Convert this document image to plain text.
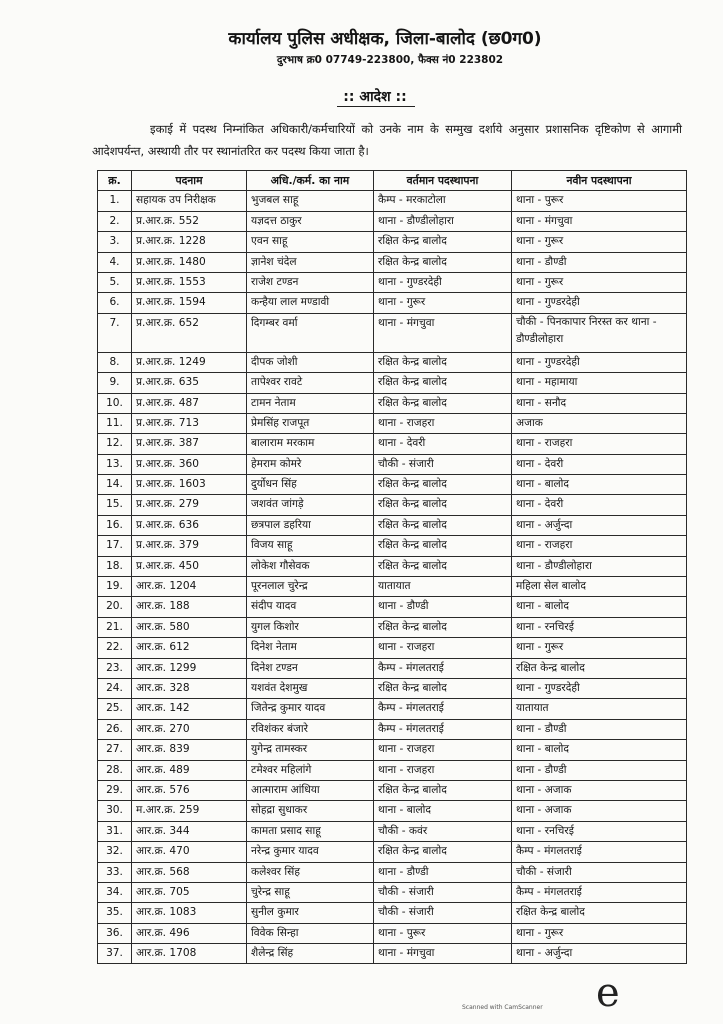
कार्यालय पुलिस अधीक्षक, जिला-बालोद (छ0ग0)
दुरभाष क्र0 07749-223800, फैक्स नं0 223802
:: आदेश ::
इकाई में पदस्थ निम्नांकित अधिकारी/कर्मचारियों को उनके नाम के सम्मुख दर्शाये अनुसार प्रशासनिक दृष्टिकोण से आगामी आदेशपर्यन्त, अस्थायी तौर पर स्थानांतरित कर पदस्थ किया जाता है।
क्र.	पदनाम	अधि./कर्म. का नाम	वर्तमान पदस्थापना	नवीन पदस्थापना
1.	सहायक उप निरीक्षक	भुजबल साहू	कैम्प - मरकाटोला	थाना - पुरूर
2.	प्र.आर.क्र. 552	यज्ञदत्त ठाकुर	थाना - डौण्डीलोहारा	थाना - मंगचुवा
3.	प्र.आर.क्र. 1228	एवन साहू	रक्षित केन्द्र बालोद	थाना - गुरूर
4.	प्र.आर.क्र. 1480	ज्ञानेश चंदेल	रक्षित केन्द्र बालोद	थाना - डौण्डी
5.	प्र.आर.क्र. 1553	राजेश टण्डन	थाना - गुण्डरदेही	थाना - गुरूर
6.	प्र.आर.क्र. 1594	कन्हैया लाल मण्डावी	थाना - गुरूर	थाना - गुण्डरदेही
7.	प्र.आर.क्र. 652	दिगम्बर वर्मा	थाना - मंगचुवा	चौकी - पिनकापार निरस्त कर थाना - डौण्डीलोहारा
8.	प्र.आर.क्र. 1249	दीपक जोशी	रक्षित केन्द्र बालोद	थाना - गुण्डरदेही
9.	प्र.आर.क्र. 635	तापेश्वर रावटे	रक्षित केन्द्र बालोद	थाना - महामाया
10.	प्र.आर.क्र. 487	टामन नेताम	रक्षित केन्द्र बालोद	थाना - सनौद
11.	प्र.आर.क्र. 713	प्रेमसिंह राजपूत	थाना - राजहरा	अजाक
12.	प्र.आर.क्र. 387	बालाराम मरकाम	थाना - देवरी	थाना - राजहरा
13.	प्र.आर.क्र. 360	हेमराम कोमरे	चौकी - संजारी	थाना - देवरी
14.	प्र.आर.क्र. 1603	दुर्योधन सिंह	रक्षित केन्द्र बालोद	थाना - बालोद
15.	प्र.आर.क्र. 279	जशवंत जांगड़े	रक्षित केन्द्र बालोद	थाना - देवरी
16.	प्र.आर.क्र. 636	छत्रपाल डहरिया	रक्षित केन्द्र बालोद	थाना - अर्जुन्दा
17.	प्र.आर.क्र. 379	विजय साहू	रक्षित केन्द्र बालोद	थाना - राजहरा
18.	प्र.आर.क्र. 450	लोकेश गौसेवक	रक्षित केन्द्र बालोद	थाना - डौण्डीलोहारा
19.	आर.क्र. 1204	पूरनलाल चुरेन्द्र	यातायात	महिला सेल बालोद
20.	आर.क्र. 188	संदीप यादव	थाना - डौण्डी	थाना - बालोद
21.	आर.क्र. 580	युगल किशोर	रक्षित केन्द्र बालोद	थाना - रनचिरई
22.	आर.क्र. 612	दिनेश नेताम	थाना - राजहरा	थाना - गुरूर
23.	आर.क्र. 1299	दिनेश टण्डन	कैम्प - मंगलतराई	रक्षित केन्द्र बालोद
24.	आर.क्र. 328	यशवंत देशमुख	रक्षित केन्द्र बालोद	थाना - गुण्डरदेही
25.	आर.क्र. 142	जितेन्द्र कुमार यादव	कैम्प - मंगलतराई	यातायात
26.	आर.क्र. 270	रविशंकर बंजारे	कैम्प - मंगलतराई	थाना - डौण्डी
27.	आर.क्र. 839	युगेन्द्र तामस्कर	थाना - राजहरा	थाना - बालोद
28.	आर.क्र. 489	टमेश्वर महिलांगे	थाना - राजहरा	थाना - डौण्डी
29.	आर.क्र. 576	आत्माराम आंधिया	रक्षित केन्द्र बालोद	थाना - अजाक
30.	म.आर.क्र. 259	सोहद्रा सुधाकर	थाना - बालोद	थाना - अजाक
31.	आर.क्र. 344	कामता प्रसाद साहू	चौकी - कवंर	थाना - रनचिरई
32.	आर.क्र. 470	नरेन्द्र कुमार यादव	रक्षित केन्द्र बालोद	कैम्प - मंगलतराई
33.	आर.क्र. 568	कलेश्वर सिंह	थाना - डौण्डी	चौकी - संजारी
34.	आर.क्र. 705	चुरेन्द्र साहू	चौकी - संजारी	कैम्प - मंगलतराई
35.	आर.क्र. 1083	सुनील कुमार	चौकी - संजारी	रक्षित केन्द्र बालोद
36.	आर.क्र. 496	विवेक सिन्हा	थाना - पुरूर	थाना - गुरूर
37.	आर.क्र. 1708	शैलेन्द्र सिंह	थाना - मंगचुवा	थाना - अर्जुन्दा
e
Scanned with CamScanner
